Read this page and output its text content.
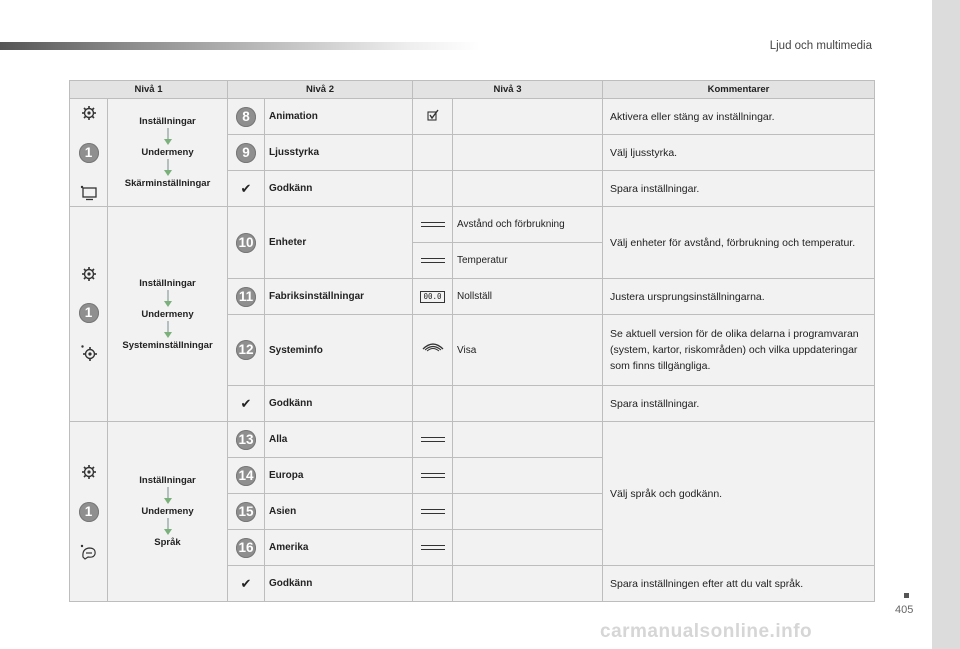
Ljud och multimedia
Nivå 1		Nivå 2		Nivå 3		Kommentarer

1	Inställningar
Undermeny
Skärminställningar	8	Animation			Aktivera eller stäng av inställningar.
		9	Ljusstyrka			Välj ljusstyrka.
		✔	Godkänn			Spara inställningar.

1	Inställningar
Undermeny
Systeminställningar	10	Enheter		Avstånd och förbrukning	Välj enheter för avstånd, förbrukning och temperatur.
					Temperatur	
		11	Fabriksinställningar	00.0	Nollställ	Justera ursprungsinställningarna.
		12	Systeminfo		Visa	Se aktuell version för de olika delarna i programvaran (system, kartor, riskområden) och vilka uppdateringar som finns tillgängliga.
		✔	Godkänn			Spara inställningar.

1	Inställningar
Undermeny
Språk	13	Alla			Välj språk och godkänn.
		14	Europa			
		15	Asien			
		16	Amerika			
		✔	Godkänn			Spara inställningen efter att du valt språk.
405
carmanualsonline.info
